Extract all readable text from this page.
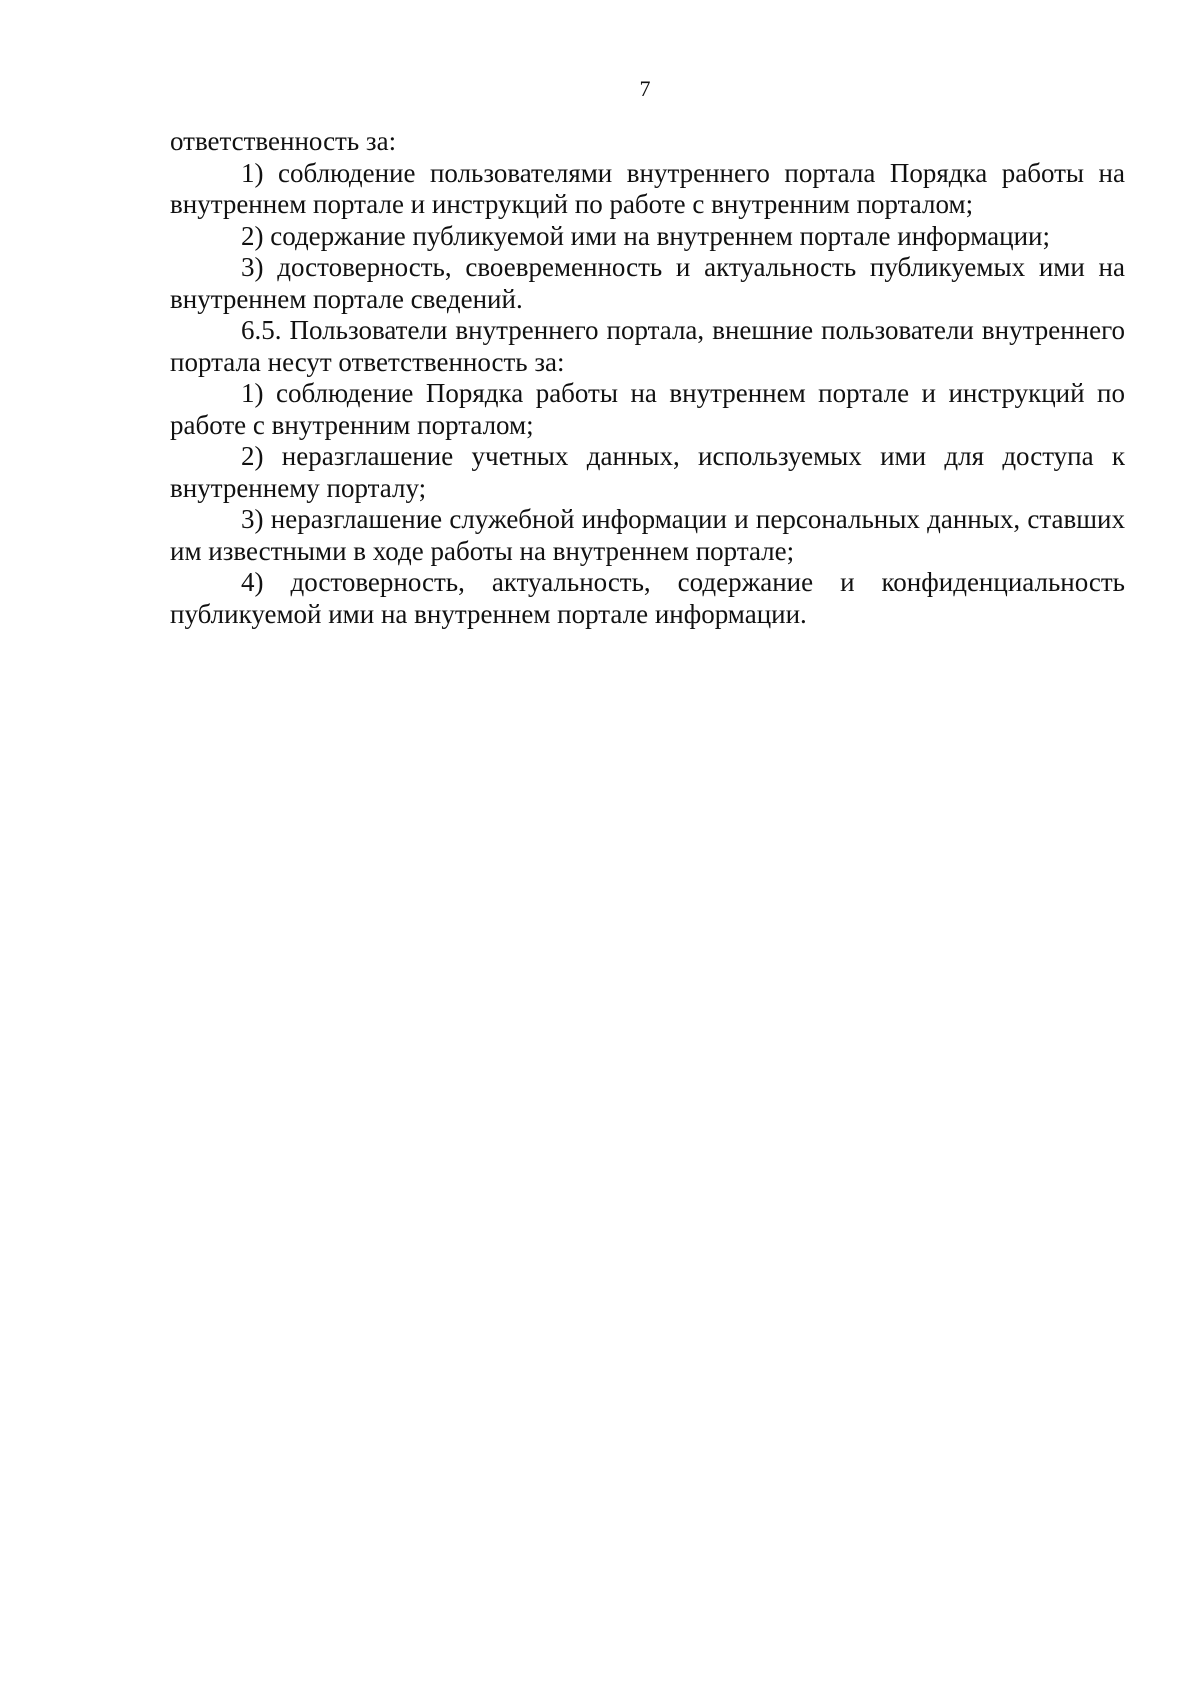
7

ответственность за:

1) соблюдение пользователями внутреннего портала Порядка работы на внутреннем портале и инструкций по работе с внутренним порталом;

2) содержание публикуемой ими на внутреннем портале информации;

3) достоверность, своевременность и актуальность публикуемых ими на внутреннем портале сведений.

6.5. Пользователи внутреннего портала, внешние пользователи внутреннего портала несут ответственность за:

1) соблюдение Порядка работы на внутреннем портале и инструкций по работе с внутренним порталом;

2) неразглашение учетных данных, используемых ими для доступа к внутреннему порталу;

3) неразглашение служебной информации и персональных данных, ставших им известными в ходе работы на внутреннем портале;

4) достоверность, актуальность, содержание и конфиденциальность публикуемой ими на внутреннем портале информации.
